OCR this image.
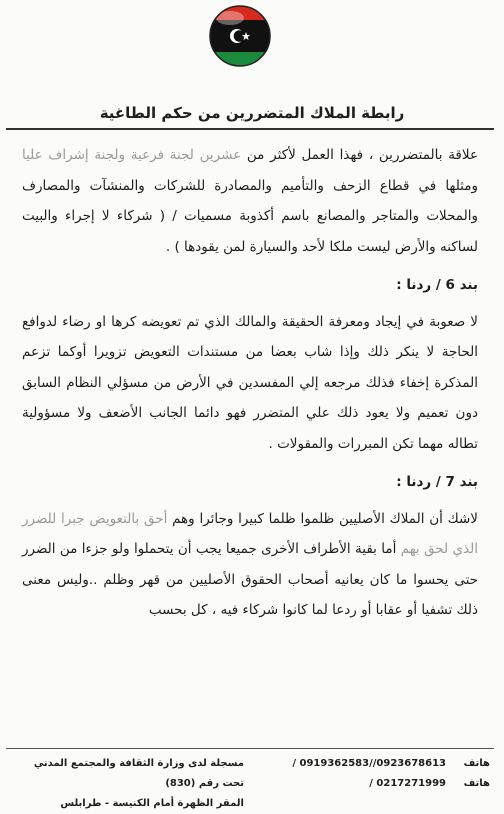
رابطة الملاك المتضررين من حكم الطاغية

علاقة بالمتضررين ، فهذا العمل لأكثر من عشرين لجنة فرعية ولجنة إشراف عليا ومثلها في قطاع الزحف والتأميم والمصادرة للشركات والمنشآت والمصارف والمحلات والمتاجر والمصانع باسم أكذوبة مسميات / ( شركاء لا إجراء والبيت لساكنه والأرض ليست ملكا لأحد والسيارة لمن يقودها ) .

بند 6 / ردنا :

لا صعوبة في إيجاد ومعرفة الحقيقة والمالك الذي تم تعويضه كرها او رضاء لدوافع الحاجة لا ينكر ذلك وإذا شاب بعضا من مستندات التعويض تزويرا أوكما تزعم المذكرة إخفاء فذلك مرجعه إلي المفسدين في الأرض من مسؤلي النظام السابق دون تعميم ولا يعود ذلك علي المتضرر فهو دائما الجانب الأضعف ولا مسؤولية تطاله مهما تكن المبررات والمقولات .

بند 7 / ردنا :

لاشك أن الملاك الأصليين ظلموا ظلما كبيرا وجائرا وهم أحق بالتعويض جبرا للضرر الذي لحق بهم أما بقية الأطراف الأخرى جميعا يجب أن يتحملوا ولو جزءا من الضرر حتى يحسوا ما كان يعانيه أصحاب الحقوق الأصليين من قهر وظلم ..وليس معنى ذلك تشفيا أو عقابا أو ردعا لما كانوا شركاء فيه ، كل بحسب

هاتف0923678613//0919362583 /
هاتف0217271999 /
مسجلة لدى وزارة الثقافة والمجتمع المدني تحت رقم (830)
المقر الظهرة أمام الكنيسة - طرابلس
